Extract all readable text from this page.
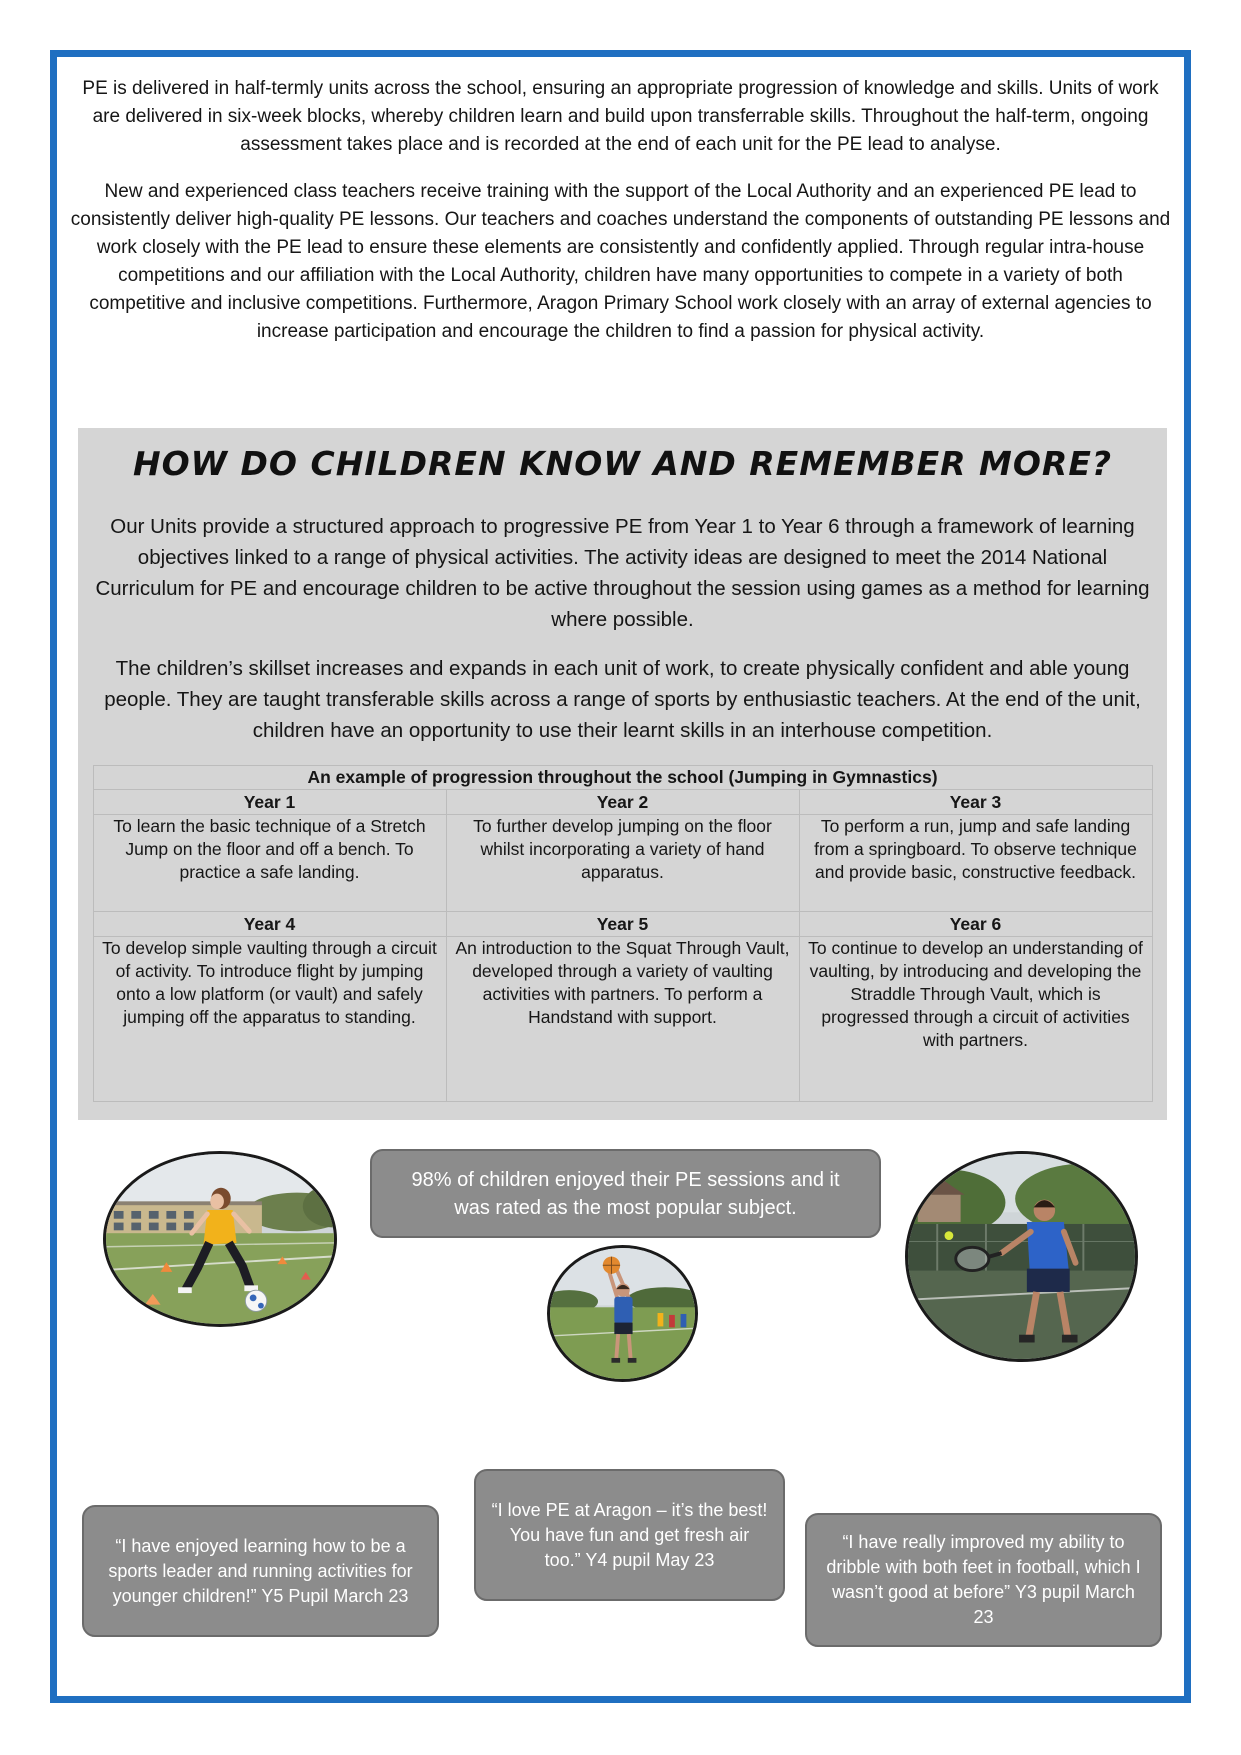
PE is delivered in half-termly units across the school, ensuring an appropriate progression of knowledge and skills. Units of work are delivered in six-week blocks, whereby children learn and build upon transferrable skills. Throughout the half-term, ongoing assessment takes place and is recorded at the end of each unit for the PE lead to analyse.

New and experienced class teachers receive training with the support of the Local Authority and an experienced PE lead to consistently deliver high-quality PE lessons. Our teachers and coaches understand the components of outstanding PE lessons and work closely with the PE lead to ensure these elements are consistently and confidently applied. Through regular intra-house competitions and our affiliation with the Local Authority, children have many opportunities to compete in a variety of both competitive and inclusive competitions. Furthermore, Aragon Primary School work closely with an array of external agencies to increase participation and encourage the children to find a passion for physical activity.

HOW DO CHILDREN KNOW AND REMEMBER MORE?

Our Units provide a structured approach to progressive PE from Year 1 to Year 6 through a framework of learning objectives linked to a range of physical activities. The activity ideas are designed to meet the 2014 National Curriculum for PE and encourage children to be active throughout the session using games as a method for learning where possible.

The children’s skillset increases and expands in each unit of work, to create physically confident and able young people. They are taught transferable skills across a range of sports by enthusiastic teachers. At the end of the unit, children have an opportunity to use their learnt skills in an interhouse competition.

An example of progression throughout the school (Jumping in Gymnastics)		
Year 1	Year 2	Year 3
To learn the basic technique of a Stretch Jump on the floor and off a bench. To practice a safe landing.	To further develop jumping on the floor whilst incorporating a variety of hand apparatus.	To perform a run, jump and safe landing from a springboard. To observe technique and provide basic, constructive feedback.
Year 4	Year 5	Year 6
To develop simple vaulting through a circuit of activity. To introduce flight by jumping onto a low platform (or vault) and safely jumping off the apparatus to standing.	An introduction to the Squat Through Vault, developed through a variety of vaulting activities with partners. To perform a Handstand with support.	To continue to develop an understanding of vaulting, by introducing and developing the Straddle Through Vault, which is progressed through a circuit of activities with partners.
98% of children enjoyed their PE sessions and it was rated as the most popular subject.
“I have enjoyed learning how to be a sports leader and running activities for younger children!” Y5 Pupil March 23
“I love PE at Aragon – it’s the best! You have fun and get fresh air too.” Y4 pupil May 23
“I have really improved my ability to dribble with both feet in football, which I wasn’t good at before” Y3 pupil March 23
